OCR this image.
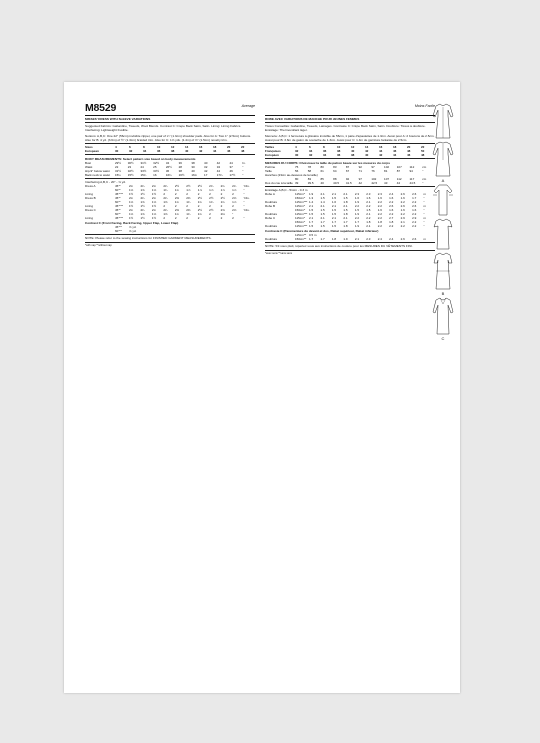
M8529	Average
MISSES' DRESS WITH SLEEVE VARIATIONS
Suggested Fabrics: Gabardine, Tweeds, Wool Blends. Contrast C: Crepe Back Satin, Satin. Lining: Lining Fabrics. Interfacing: Lightweight Fusible.
Notions: A,B,C: One 22" (56cm) invisible zipper, one pair of ¼" (1.3cm) shoulder pads. Also for A: Two 1" (2.5cm) buttons. Also for B: 4 yd. (3.6m) of ½" (1.3cm) braided trim. Also for C: 1⅝ yds. (1.4m) of ⅝" (1.5cm) novelty trim.
Sizes	4	6	8	10	12	14	16	18	20	22
European	30	32	34	36	38	40	42	44	46	48
BODY MEASUREMENTS: Select pattern size based on body measurements
Bust	29½	30½	31½	32½	34	36	38	40	42	44	In.
Waist	22	23	24	25	26½	28	30	32	34	37	"
Hip-9" below waist	31½	32½	33½	34½	36	38	40	42	44	46	"
Back neck to waist	15¼	15½	15¾	16	16¼	16½	16¾	17	17¼	17½	"
Interfacing A,B,C - 20" - ⅝ yd.
Dress A	45"*	2¼	2¼	2¼	2¼	2½	2½	2½	2¾	2¾	2¾	Yds.
	60"*	1⅝	1⅝	1⅝	1¾	1¾	1⅞	1⅞	1⅞	1⅞	1⅞	"
Lining	45"***	1½	1½	1½	2	2	2	2	2	2	2	"
Dress B	45"*	2¼	2¼	2¼	2¼	2⅜	2⅜	2½	2½	2½	2⅝	Yds.
	60"*	1⅝	1⅝	1⅝	1⅝	1¾	1¾	1¾	1¾	1¾	1⅞	"
Lining	45"***	1½	1½	1½	2	2	2	2	2	2	2	"
Dress C	45"*	2¼	2¼	2¼	2¼	2⅜	2⅜	2½	2½	2⅝	2⅝	Yds.
	60"*	1⅝	1⅝	1⅝	1⅝	1¾	1¾	1¾	2	2⅛	"	
Lining	45"***	1½	1½	1½	2	2	2	2	2	2	2	"
Contrast C (Front Facing, Back Facing, Upper Flap, Lower Flap)
	45"**	⅝ yd.										
	60"**	⅝ yd.										
NOTE: Please refer to the sewing instructions for FINISHED GARMENT MEASUREMENTS.
*with nap **without nap
Moins Facile
ROBE AVEC VARIATIONS DE MANCHE POUR JEUNES FEMMES
Tissus Conseillés: Gabardine, Tweeds, Lainages. Contraste C: Crêpe Back Satin, Satin. Doublure: Tissus à doublure. Entoilage: Thermocollant léger.
Mercerie: A,B,C: 1 fermeture à glissière invisible de 56cm, 1 paire d'épaulettes de 1.3cm. Aussi pour A: 2 boutons de 2.5cm. Aussi pour B: 3.6m de galon de soutache de 1.3cm. Aussi pour C: 1.4m de garniture fantaisie de 2.5cm.
Tailles	4	6	8	10	12	14	16	18	20	22
Françaises	32	34	36	38	40	42	44	46	48	50
Européen	30	32	34	36	38	40	42	44	46	48
MESURES DU CORPS: Choisissez la taille du patron basée sur les mesures du corps
Poitrine	75	78	80	83	87	92	97	102	107	112	cm
Taille	56	58	61	64	67	71	76	81	87	94	"
Hanches (23cm au-dessous de la taille)											
	80	83	85	88	92	97	102	107	112	117	cm
Dos du cou à la taille	39	39.5	40	40.5	41.5	42	42.5	43	44	44.5	"
Entoilage A,B,C - 51cm - 0.3 m
Robe A	115cm*	1.9	2.1	2.1	2.1	2.3	2.3	2.3	2.4	2.6	2.6	m
	150cm*	1.3	1.5	1.5	1.5	1.6	1.6	1.6	1.6	1.6	1.7	"
Doublure	115cm***	1.4	1.4	1.6	1.8	1.9	2.1	2.2	2.2	2.2	2.2	"
Robe B	115cm*	2.1	2.1	2.1	2.1	2.2	2.2	2.2	2.6	2.6	2.6	m
	150cm*	1.5	1.5	1.5	1.5	1.5	1.5	1.6	1.6	1.6	1.6	"
Doublure	115cm***	1.5	1.5	1.5	1.8	1.9	2.1	2.2	2.2	2.2	2.2	"
Robe C	115cm*	2.1	2.1	2.1	2.1	2.2	2.2	2.2	2.7	2.9	2.9	m
	150cm*	1.7	1.7	1.7	1.7	1.7	1.8	1.8	1.8	2.1	2.2	"
Doublure	115cm***	1.5	1.5	1.5	1.8	1.9	2.1	2.2	2.2	2.2	2.2	"
Contraste C (Parementure du devant et dos, Rabat supérieur, Rabat inférieur)
	115cm**	0.5 m										
Doublure	150cm**	1.7	1.7	1.8	1.9	2.1	2.3	2.4	2.4	2.6	2.6	m
NOTE: S'il vous plaît, répertez-vous aux instructions de couture pour les MESURES DU VÊTEMENTS FINI.
*avec sens **sans sens
A
B
C
